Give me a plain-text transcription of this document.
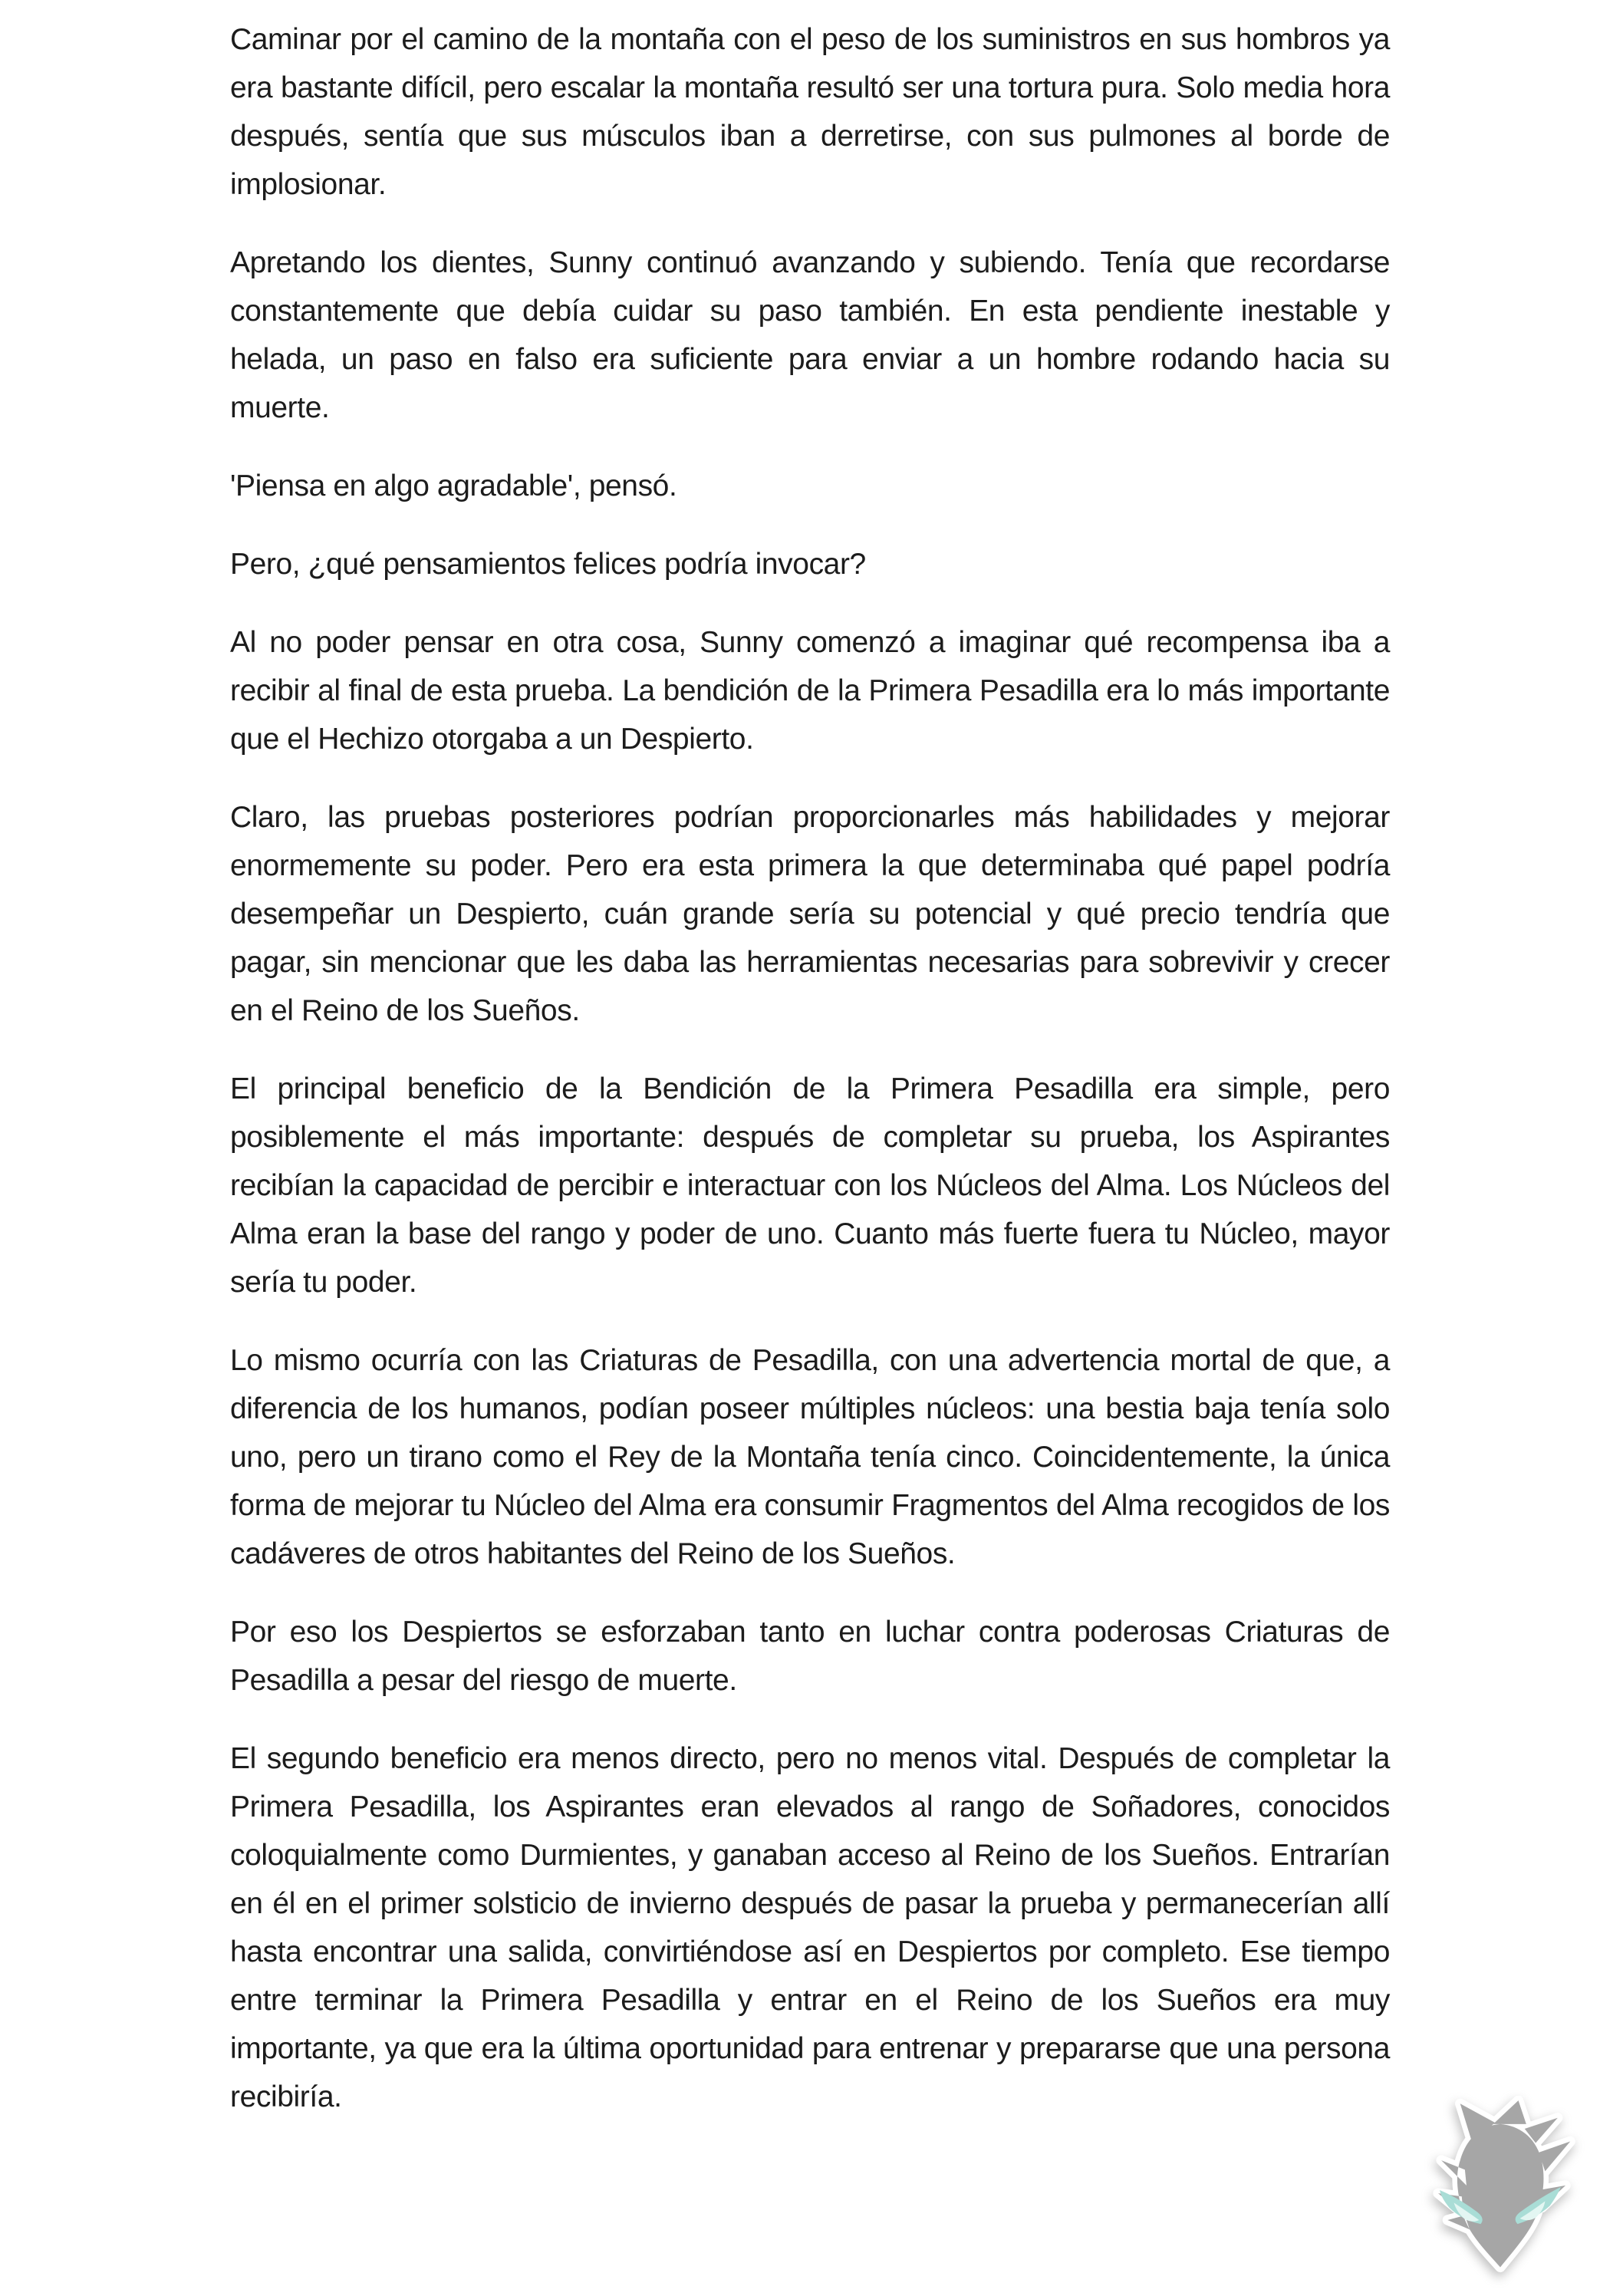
Caminar por el camino de la montaña con el peso de los suministros en sus hombros ya era bastante difícil, pero escalar la montaña resultó ser una tortura pura. Solo media hora después, sentía que sus músculos iban a derretirse, con sus pulmones al borde de implosionar.

Apretando los dientes, Sunny continuó avanzando y subiendo. Tenía que recordarse constantemente que debía cuidar su paso también. En esta pendiente inestable y helada, un paso en falso era suficiente para enviar a un hombre rodando hacia su muerte.

'Piensa en algo agradable', pensó.

Pero, ¿qué pensamientos felices podría invocar?

Al no poder pensar en otra cosa, Sunny comenzó a imaginar qué recompensa iba a recibir al final de esta prueba. La bendición de la Primera Pesadilla era lo más importante que el Hechizo otorgaba a un Despierto.

Claro, las pruebas posteriores podrían proporcionarles más habilidades y mejorar enormemente su poder. Pero era esta primera la que determinaba qué papel podría desempeñar un Despierto, cuán grande sería su potencial y qué precio tendría que pagar, sin mencionar que les daba las herramientas necesarias para sobrevivir y crecer en el Reino de los Sueños.

El principal beneficio de la Bendición de la Primera Pesadilla era simple, pero posiblemente el más importante: después de completar su prueba, los Aspirantes recibían la capacidad de percibir e interactuar con los Núcleos del Alma. Los Núcleos del Alma eran la base del rango y poder de uno. Cuanto más fuerte fuera tu Núcleo, mayor sería tu poder.

Lo mismo ocurría con las Criaturas de Pesadilla, con una advertencia mortal de que, a diferencia de los humanos, podían poseer múltiples núcleos: una bestia baja tenía solo uno, pero un tirano como el Rey de la Montaña tenía cinco. Coincidentemente, la única forma de mejorar tu Núcleo del Alma era consumir Fragmentos del Alma recogidos de los cadáveres de otros habitantes del Reino de los Sueños.

Por eso los Despiertos se esforzaban tanto en luchar contra poderosas Criaturas de Pesadilla a pesar del riesgo de muerte.

El segundo beneficio era menos directo, pero no menos vital. Después de completar la Primera Pesadilla, los Aspirantes eran elevados al rango de Soñadores, conocidos coloquialmente como Durmientes, y ganaban acceso al Reino de los Sueños. Entrarían en él en el primer solsticio de invierno después de pasar la prueba y permanecerían allí hasta encontrar una salida, convirtiéndose así en Despiertos por completo. Ese tiempo entre terminar la Primera Pesadilla y entrar en el Reino de los Sueños era muy importante, ya que era la última oportunidad para entrenar y prepararse que una persona recibiría.
